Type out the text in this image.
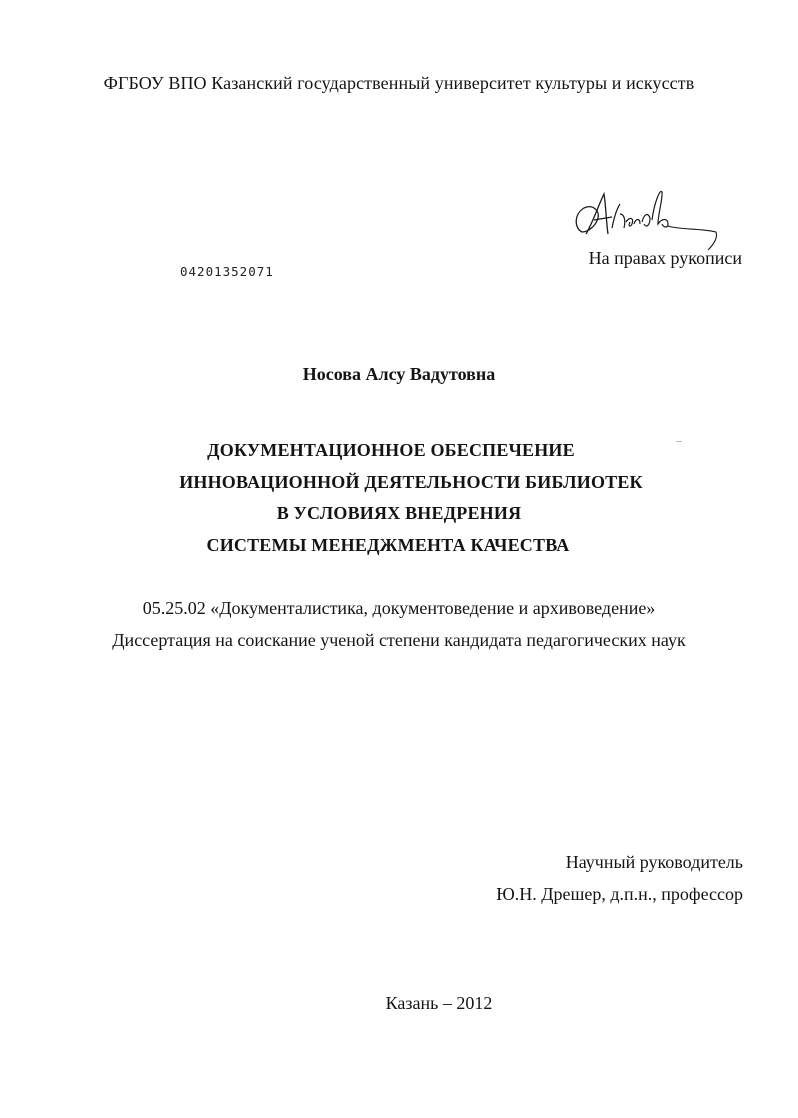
ФГБОУ ВПО Казанский государственный университет культуры и искусств
На правах рукописи
04201352071
Носова Алсу Вадутовна
ДОКУМЕНТАЦИОННОЕ ОБЕСПЕЧЕНИЕ
ИННОВАЦИОННОЙ ДЕЯТЕЛЬНОСТИ БИБЛИОТЕК
В УСЛОВИЯХ ВНЕДРЕНИЯ
СИСТЕМЫ МЕНЕДЖМЕНТА КАЧЕСТВА
05.25.02 «Документалистика, документоведение и архивоведение»
Диссертация на соискание ученой степени кандидата педагогических наук
Научный руководитель
Ю.Н. Дрешер, д.п.н., профессор
Казань – 2012
